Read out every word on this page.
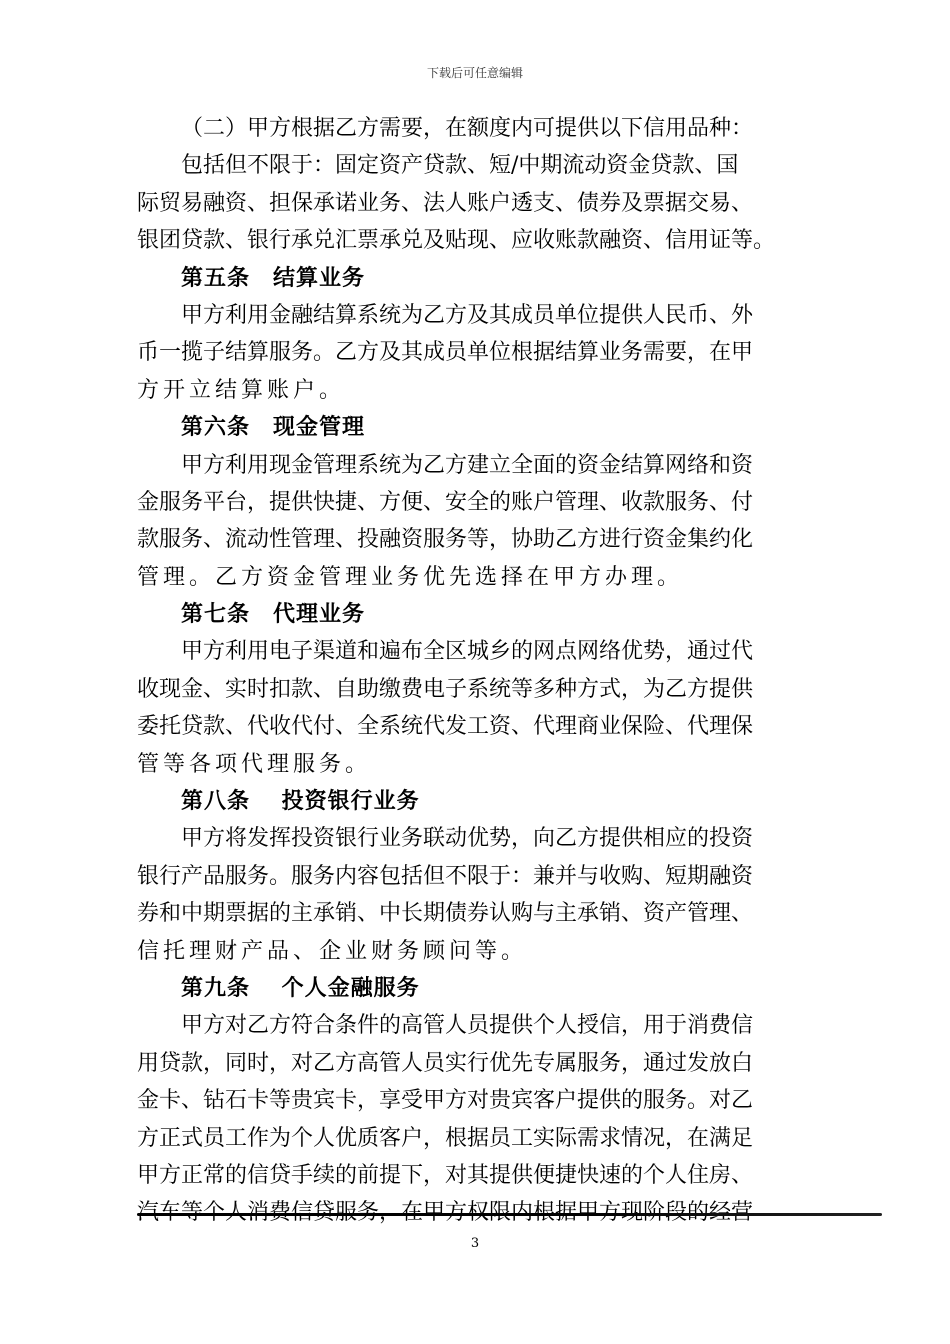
下载后可任意编辑
（二）甲方根据乙方需要，在额度内可提供以下信用品种：
包括但不限于：固定资产贷款、短/中期流动资金贷款、国
际贸易融资、担保承诺业务、法人账户透支、债券及票据交易、
银团贷款、银行承兑汇票承兑及贴现、应收账款融资、信用证等。
第五条　结算业务
甲方利用金融结算系统为乙方及其成员单位提供人民币、外
币一揽子结算服务。乙方及其成员单位根据结算业务需要，在甲
方开立结算账户。
第六条　现金管理
甲方利用现金管理系统为乙方建立全面的资金结算网络和资
金服务平台，提供快捷、方便、安全的账户管理、收款服务、付
款服务、流动性管理、投融资服务等，协助乙方进行资金集约化
管理。乙方资金管理业务优先选择在甲方办理。
第七条　代理业务
甲方利用电子渠道和遍布全区城乡的网点网络优势，通过代
收现金、实时扣款、自助缴费电子系统等多种方式，为乙方提供
委托贷款、代收代付、全系统代发工资、代理商业保险、代理保
管等各项代理服务。
第八条　 投资银行业务
甲方将发挥投资银行业务联动优势，向乙方提供相应的投资
银行产品服务。服务内容包括但不限于：兼并与收购、短期融资
券和中期票据的主承销、中长期债券认购与主承销、资产管理、
信托理财产品、企业财务顾问等。
第九条　 个人金融服务
甲方对乙方符合条件的高管人员提供个人授信，用于消费信
用贷款，同时，对乙方高管人员实行优先专属服务，通过发放白
金卡、钻石卡等贵宾卡，享受甲方对贵宾客户提供的服务。对乙
方正式员工作为个人优质客户，根据员工实际需求情况，在满足
甲方正常的信贷手续的前提下，对其提供便捷快速的个人住房、
3
